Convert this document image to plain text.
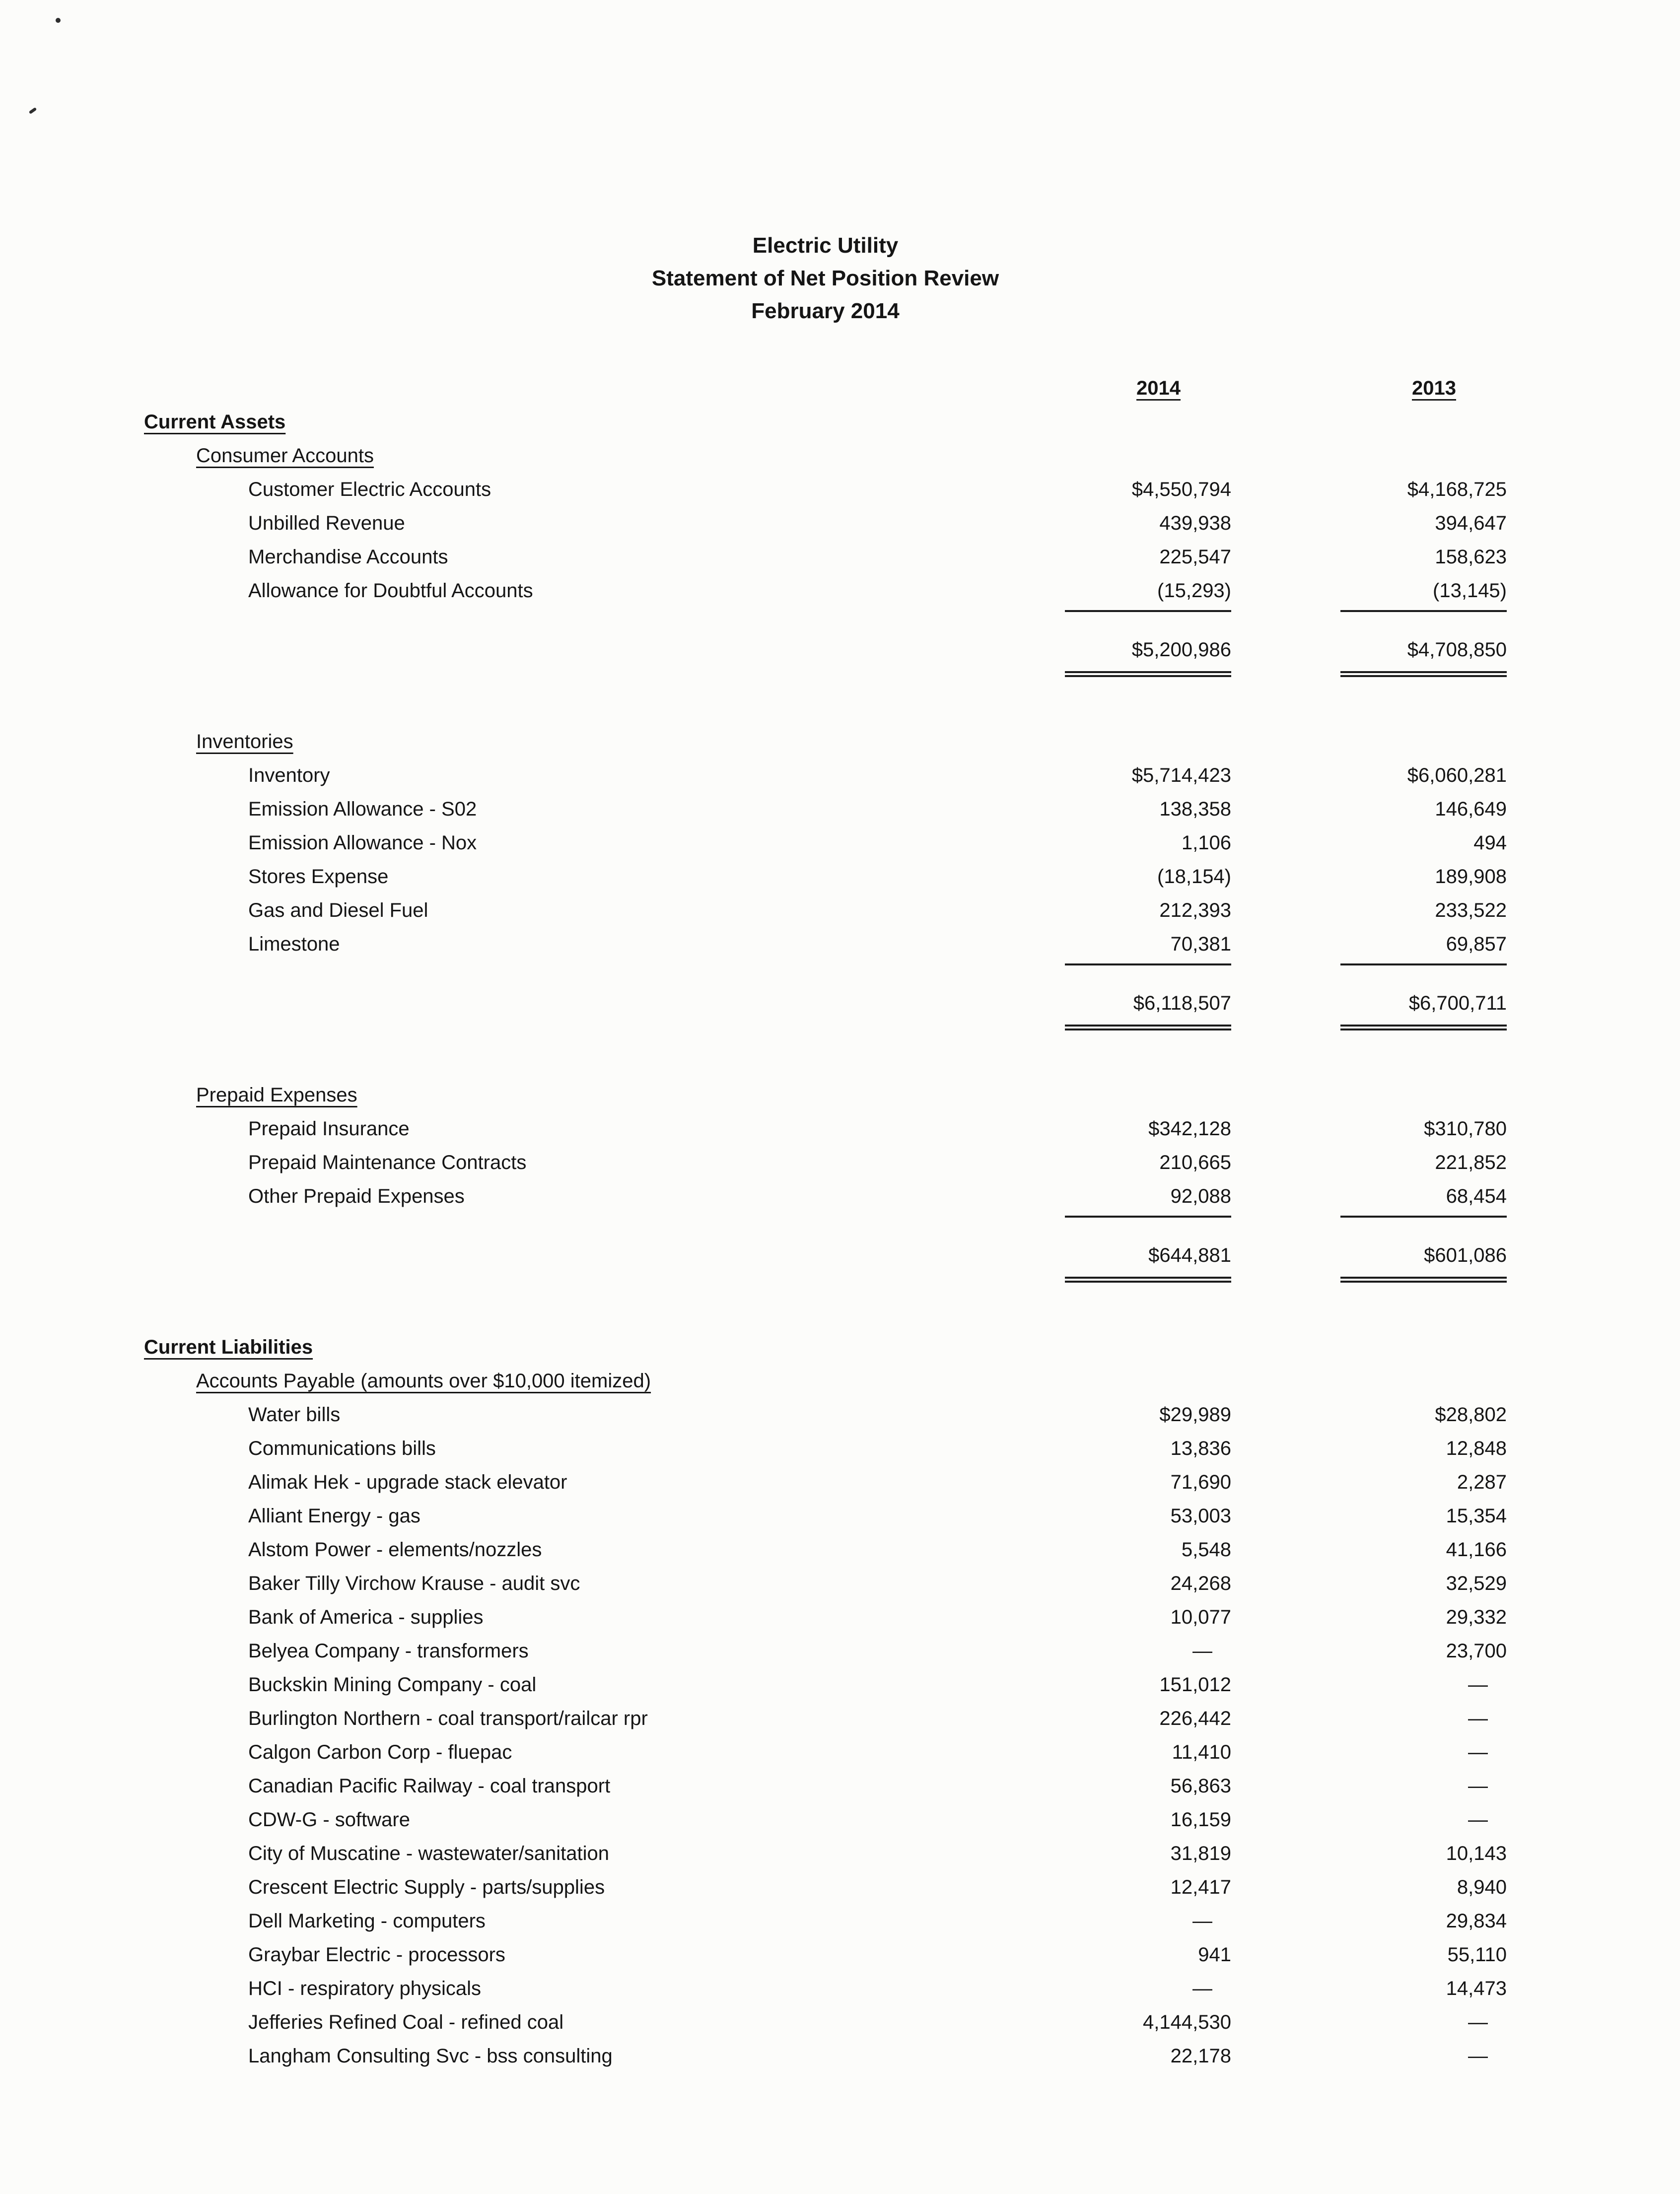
Electric Utility
Statement of Net Position Review
February 2014
2014	2013
Current Assets
Consumer Accounts
Customer Electric Accounts	$4,550,794	$4,168,725
Unbilled Revenue	439,938	394,647
Merchandise Accounts	225,547	158,623
Allowance for Doubtful Accounts	(15,293)	(13,145)
$5,200,986	$4,708,850
Inventories
Inventory	$5,714,423	$6,060,281
Emission Allowance - S02	138,358	146,649
Emission Allowance - Nox	1,106	494
Stores Expense	(18,154)	189,908
Gas and Diesel Fuel	212,393	233,522
Limestone	70,381	69,857
$6,118,507	$6,700,711
Prepaid Expenses
Prepaid Insurance	$342,128	$310,780
Prepaid Maintenance Contracts	210,665	221,852
Other Prepaid Expenses	92,088	68,454
$644,881	$601,086
Current Liabilities
Accounts Payable (amounts over $10,000 itemized)
Water bills	$29,989	$28,802
Communications bills	13,836	12,848
Alimak Hek - upgrade stack elevator	71,690	2,287
Alliant Energy - gas	53,003	15,354
Alstom Power - elements/nozzles	5,548	41,166
Baker Tilly Virchow Krause - audit svc	24,268	32,529
Bank of America - supplies	10,077	29,332
Belyea Company - transformers	—	23,700
Buckskin Mining Company - coal	151,012	—
Burlington Northern - coal transport/railcar rpr	226,442	—
Calgon Carbon Corp - fluepac	11,410	—
Canadian Pacific Railway - coal transport	56,863	—
CDW-G - software	16,159	—
City of Muscatine - wastewater/sanitation	31,819	10,143
Crescent Electric Supply - parts/supplies	12,417	8,940
Dell Marketing - computers	—	29,834
Graybar Electric - processors	941	55,110
HCI - respiratory physicals	—	14,473
Jefferies Refined Coal - refined coal	4,144,530	—
Langham Consulting Svc - bss consulting	22,178	—
